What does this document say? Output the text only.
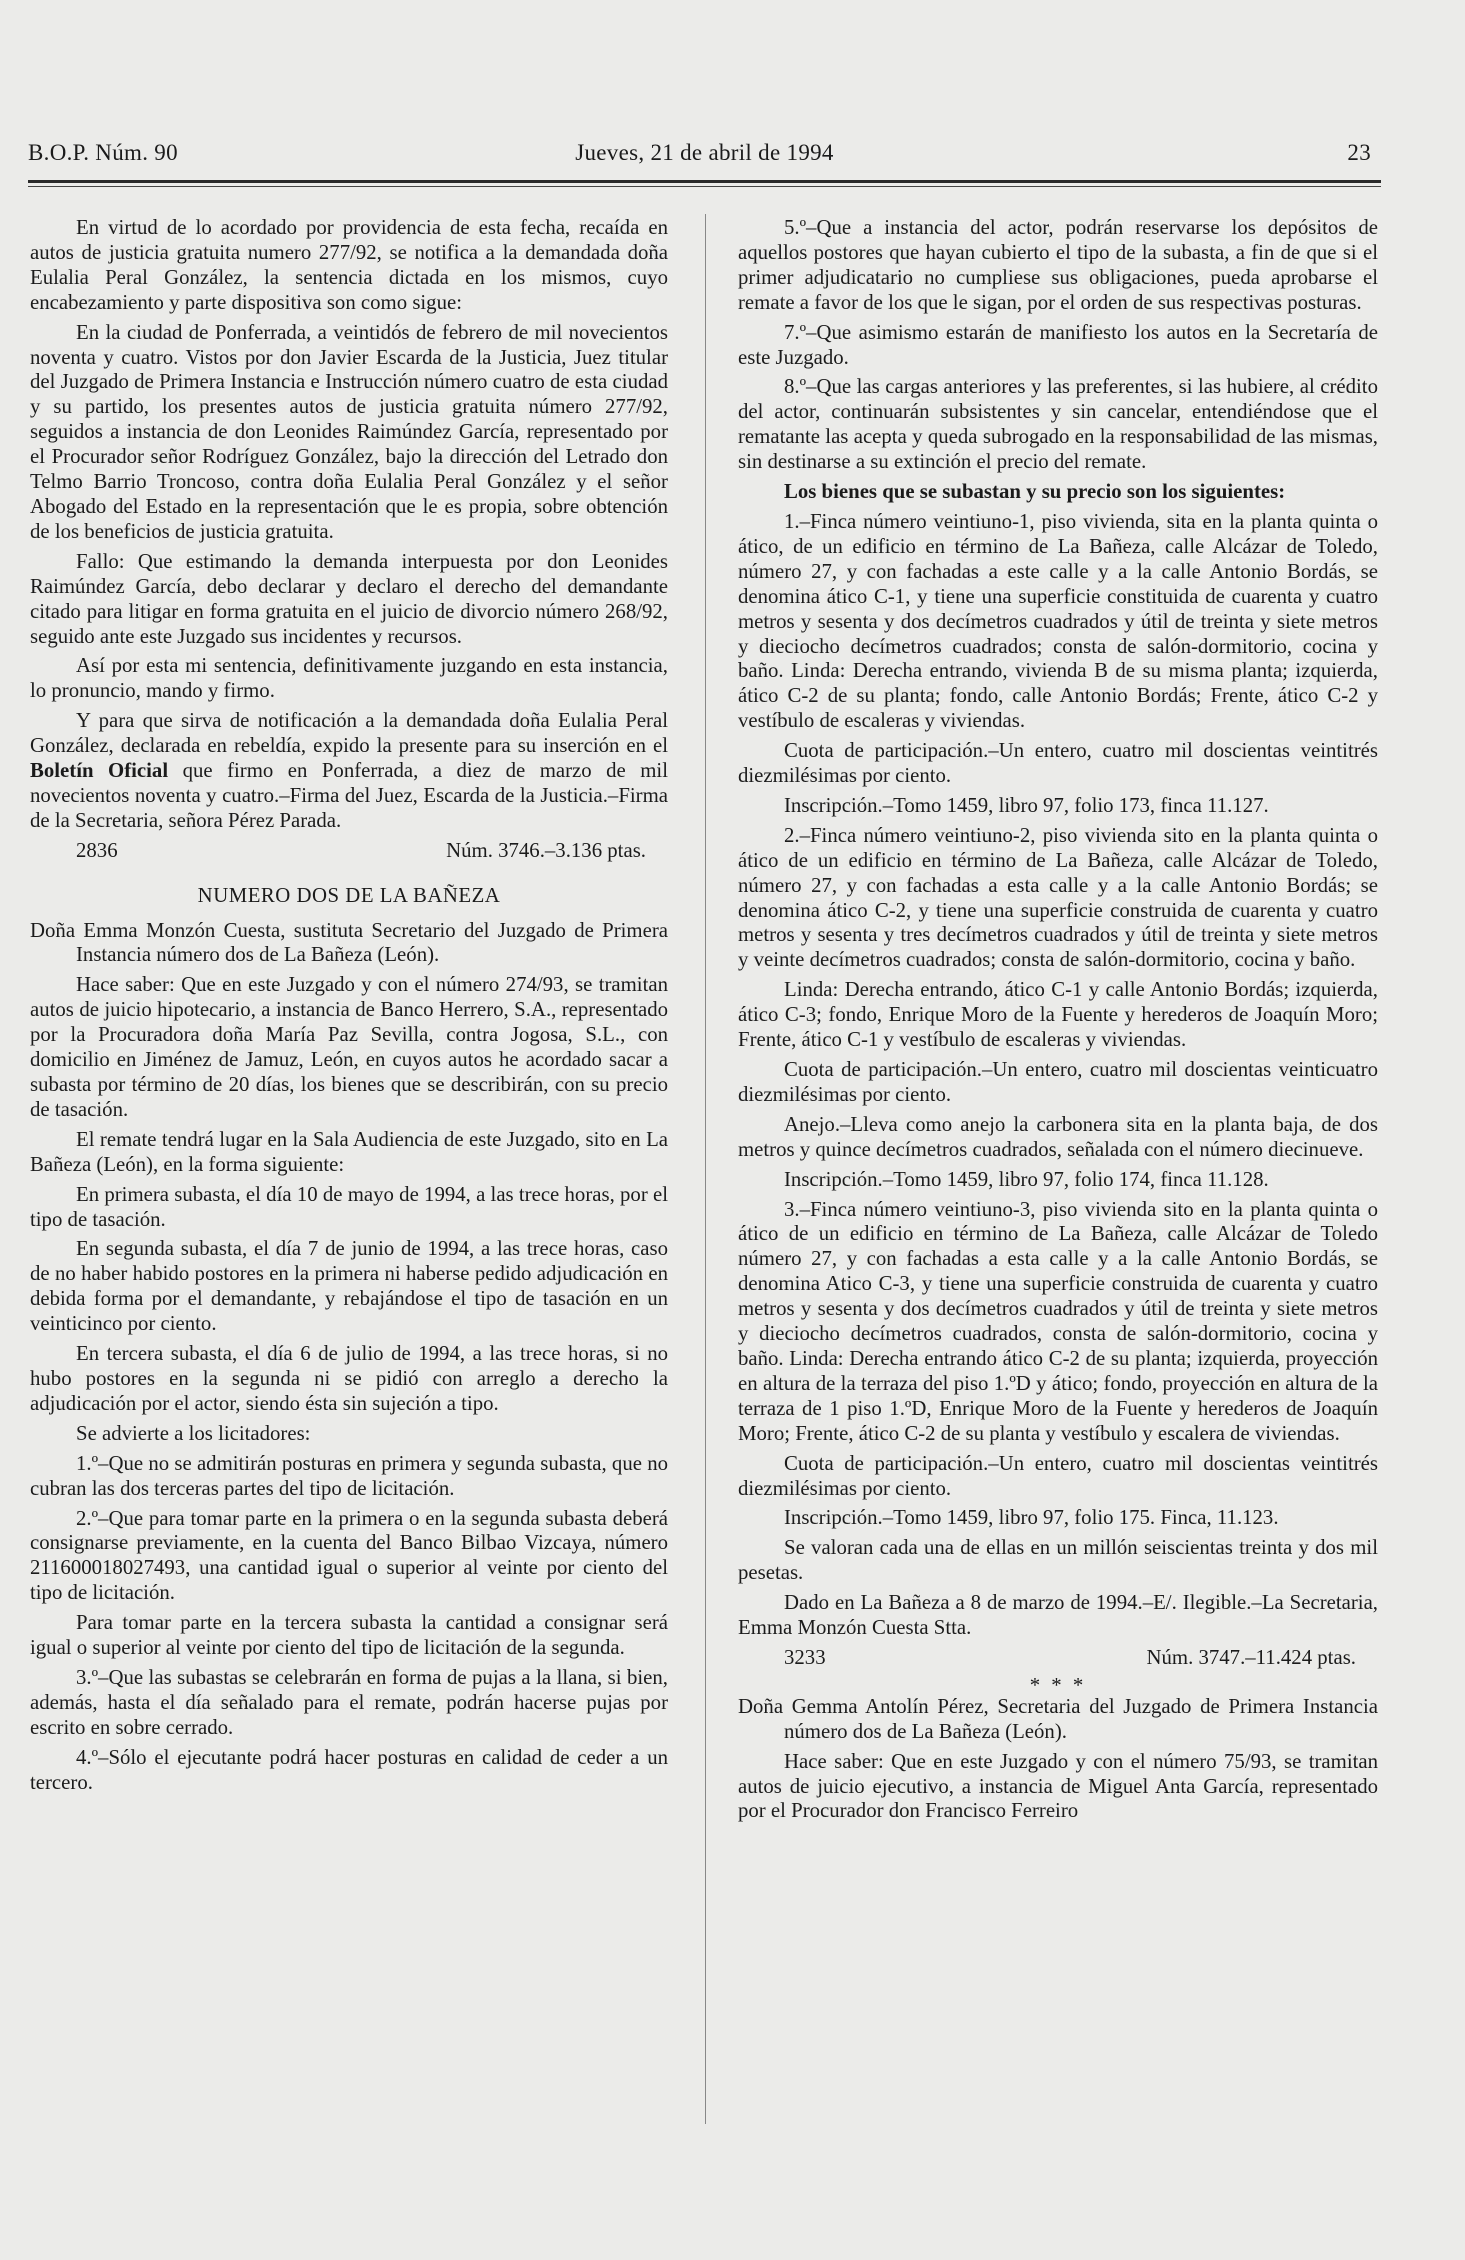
B.O.P. Núm. 90	Jueves, 21 de abril de 1994	23

En virtud de lo acordado por providencia de esta fecha, recaída en autos de justicia gratuita numero 277/92, se notifica a la demandada doña Eulalia Peral González, la sentencia dictada en los mismos, cuyo encabezamiento y parte dispositiva son como sigue:

En la ciudad de Ponferrada, a veintidós de febrero de mil novecientos noventa y cuatro. Vistos por don Javier Escarda de la Justicia, Juez titular del Juzgado de Primera Instancia e Instrucción número cuatro de esta ciudad y su partido, los presentes autos de justicia gratuita número 277/92, seguidos a instancia de don Leonides Raimúndez García, representado por el Procurador señor Rodríguez González, bajo la dirección del Letrado don Telmo Barrio Troncoso, contra doña Eulalia Peral González y el señor Abogado del Estado en la representación que le es propia, sobre obtención de los beneficios de justicia gratuita.

Fallo: Que estimando la demanda interpuesta por don Leonides Raimúndez García, debo declarar y declaro el derecho del demandante citado para litigar en forma gratuita en el juicio de divorcio número 268/92, seguido ante este Juzgado sus incidentes y recursos.

Así por esta mi sentencia, definitivamente juzgando en esta instancia, lo pronuncio, mando y firmo.

Y para que sirva de notificación a la demandada doña Eulalia Peral González, declarada en rebeldía, expido la presente para su inserción en el Boletín Oficial que firmo en Ponferrada, a diez de marzo de mil novecientos noventa y cuatro.–Firma del Juez, Escarda de la Justicia.–Firma de la Secretaria, señora Pérez Parada.

2836	Núm. 3746.–3.136 ptas.

NUMERO DOS DE LA BAÑEZA

Doña Emma Monzón Cuesta, sustituta Secretario del Juzgado de Primera Instancia número dos de La Bañeza (León).

Hace saber: Que en este Juzgado y con el número 274/93, se tramitan autos de juicio hipotecario, a instancia de Banco Herrero, S.A., representado por la Procuradora doña María Paz Sevilla, contra Jogosa, S.L., con domicilio en Jiménez de Jamuz, León, en cuyos autos he acordado sacar a subasta por término de 20 días, los bienes que se describirán, con su precio de tasación.

El remate tendrá lugar en la Sala Audiencia de este Juzgado, sito en La Bañeza (León), en la forma siguiente:

En primera subasta, el día 10 de mayo de 1994, a las trece horas, por el tipo de tasación.

En segunda subasta, el día 7 de junio de 1994, a las trece horas, caso de no haber habido postores en la primera ni haberse pedido adjudicación en debida forma por el demandante, y rebajándose el tipo de tasación en un veinticinco por ciento.

En tercera subasta, el día 6 de julio de 1994, a las trece horas, si no hubo postores en la segunda ni se pidió con arreglo a derecho la adjudicación por el actor, siendo ésta sin sujeción a tipo.

Se advierte a los licitadores:

1.º–Que no se admitirán posturas en primera y segunda subasta, que no cubran las dos terceras partes del tipo de licitación.

2.º–Que para tomar parte en la primera o en la segunda subasta deberá consignarse previamente, en la cuenta del Banco Bilbao Vizcaya, número 211600018027493, una cantidad igual o superior al veinte por ciento del tipo de licitación.

Para tomar parte en la tercera subasta la cantidad a consignar será igual o superior al veinte por ciento del tipo de licitación de la segunda.

3.º–Que las subastas se celebrarán en forma de pujas a la llana, si bien, además, hasta el día señalado para el remate, podrán hacerse pujas por escrito en sobre cerrado.

4.º–Sólo el ejecutante podrá hacer posturas en calidad de ceder a un tercero.

5.º–Que a instancia del actor, podrán reservarse los depósitos de aquellos postores que hayan cubierto el tipo de la subasta, a fin de que si el primer adjudicatario no cumpliese sus obligaciones, pueda aprobarse el remate a favor de los que le sigan, por el orden de sus respectivas posturas.

7.º–Que asimismo estarán de manifiesto los autos en la Secretaría de este Juzgado.

8.º–Que las cargas anteriores y las preferentes, si las hubiere, al crédito del actor, continuarán subsistentes y sin cancelar, entendiéndose que el rematante las acepta y queda subrogado en la responsabilidad de las mismas, sin destinarse a su extinción el precio del remate.

Los bienes que se subastan y su precio son los siguientes:

1.–Finca número veintiuno-1, piso vivienda, sita en la planta quinta o ático, de un edificio en término de La Bañeza, calle Alcázar de Toledo, número 27, y con fachadas a este calle y a la calle Antonio Bordás, se denomina ático C-1, y tiene una superficie constituida de cuarenta y cuatro metros y sesenta y dos decímetros cuadrados y útil de treinta y siete metros y dieciocho decímetros cuadrados; consta de salón-dormitorio, cocina y baño. Linda: Derecha entrando, vivienda B de su misma planta; izquierda, ático C-2 de su planta; fondo, calle Antonio Bordás; Frente, ático C-2 y vestíbulo de escaleras y viviendas.

Cuota de participación.–Un entero, cuatro mil doscientas veintitrés diezmilésimas por ciento.

Inscripción.–Tomo 1459, libro 97, folio 173, finca 11.127.

2.–Finca número veintiuno-2, piso vivienda sito en la planta quinta o ático de un edificio en término de La Bañeza, calle Alcázar de Toledo, número 27, y con fachadas a esta calle y a la calle Antonio Bordás; se denomina ático C-2, y tiene una superficie construida de cuarenta y cuatro metros y sesenta y tres decímetros cuadrados y útil de treinta y siete metros y veinte decímetros cuadrados; consta de salón-dormitorio, cocina y baño.

Linda: Derecha entrando, ático C-1 y calle Antonio Bordás; izquierda, ático C-3; fondo, Enrique Moro de la Fuente y herederos de Joaquín Moro; Frente, ático C-1 y vestíbulo de escaleras y viviendas.

Cuota de participación.–Un entero, cuatro mil doscientas veinticuatro diezmilésimas por ciento.

Anejo.–Lleva como anejo la carbonera sita en la planta baja, de dos metros y quince decímetros cuadrados, señalada con el número diecinueve.

Inscripción.–Tomo 1459, libro 97, folio 174, finca 11.128.

3.–Finca número veintiuno-3, piso vivienda sito en la planta quinta o ático de un edificio en término de La Bañeza, calle Alcázar de Toledo número 27, y con fachadas a esta calle y a la calle Antonio Bordás, se denomina Atico C-3, y tiene una superficie construida de cuarenta y cuatro metros y sesenta y dos decímetros cuadrados y útil de treinta y siete metros y dieciocho decímetros cuadrados, consta de salón-dormitorio, cocina y baño. Linda: Derecha entrando ático C-2 de su planta; izquierda, proyección en altura de la terraza del piso 1.ºD y ático; fondo, proyección en altura de la terraza de 1 piso 1.ºD, Enrique Moro de la Fuente y herederos de Joaquín Moro; Frente, ático C-2 de su planta y vestíbulo y escalera de viviendas.

Cuota de participación.–Un entero, cuatro mil doscientas veintitrés diezmilésimas por ciento.

Inscripción.–Tomo 1459, libro 97, folio 175. Finca, 11.123.

Se valoran cada una de ellas en un millón seiscientas treinta y dos mil pesetas.

Dado en La Bañeza a 8 de marzo de 1994.–E/. Ilegible.–La Secretaria, Emma Monzón Cuesta Stta.

3233	Núm. 3747.–11.424 ptas.

* * *

Doña Gemma Antolín Pérez, Secretaria del Juzgado de Primera Instancia número dos de La Bañeza (León).

Hace saber: Que en este Juzgado y con el número 75/93, se tramitan autos de juicio ejecutivo, a instancia de Miguel Anta García, representado por el Procurador don Francisco Ferreiro
